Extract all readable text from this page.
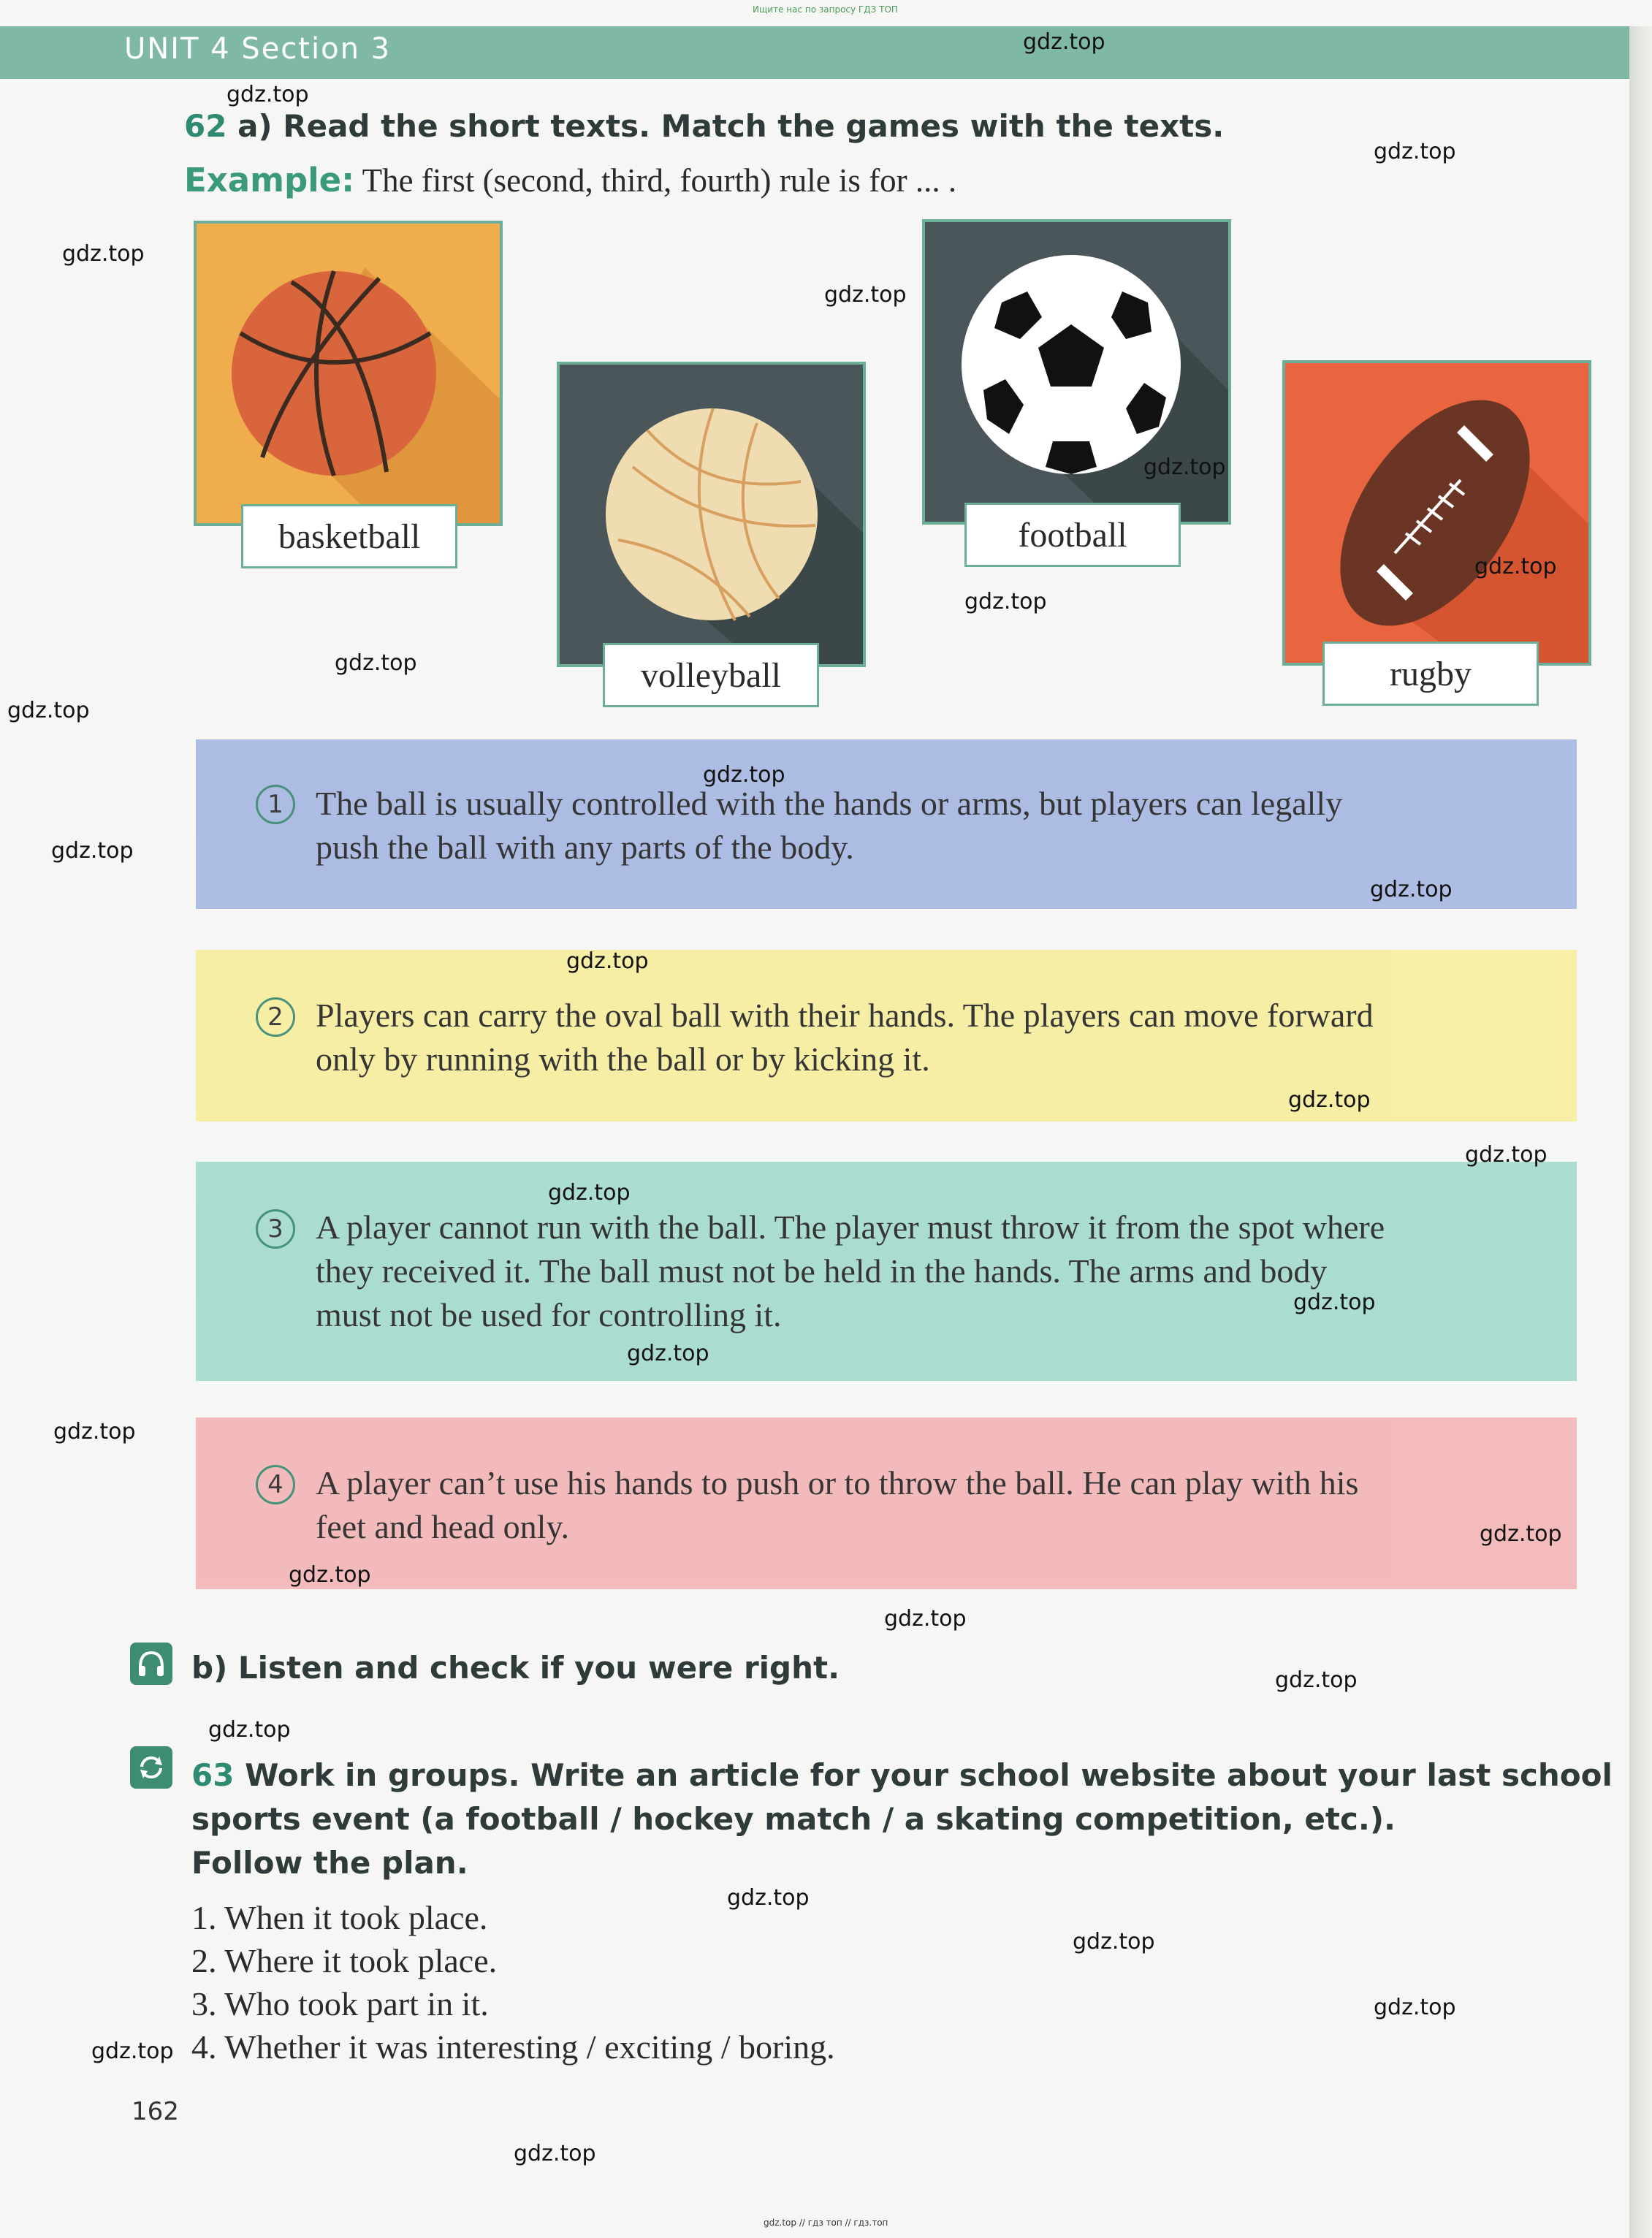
Ищите нас по запросу ГДЗ ТОП
UNIT 4 Section 3
62 a) Read the short texts. Match the games with the texts.
Example: The first (second, third, fourth) rule is for ... .
basketball
volleyball
football
rugby
1 The ball is usually controlled with the hands or arms, but players can legally
push the ball with any parts of the body.
2 Players can carry the oval ball with their hands. The players can move forward
only by running with the ball or by kicking it.
3 A player cannot run with the ball. The player must throw it from the spot where
they received it. The ball must not be held in the hands. The arms and body
must not be used for controlling it.
4 A player can’t use his hands to push or to throw the ball. He can play with his
feet and head only.
b) Listen and check if you were right.
63 Work in groups. Write an article for your school website about your last school
sports event (a football / hockey match / a skating competition, etc.).
Follow the plan.
1. When it took place.
2. Where it took place.
3. Who took part in it.
4. Whether it was interesting / exciting / boring.
162
gdz.top
gdz.top
gdz.top
gdz.top
gdz.top
gdz.top
gdz.top
gdz.top
gdz.top
gdz.top
gdz.top
gdz.top
gdz.top
gdz.top
gdz.top
gdz.top
gdz.top
gdz.top
gdz.top
gdz.top
gdz.top
gdz.top
gdz.top
gdz.top
gdz.top
gdz.top
gdz.top
gdz.top
gdz.top
gdz.top
gdz.top // гдз топ // гдз.топ
